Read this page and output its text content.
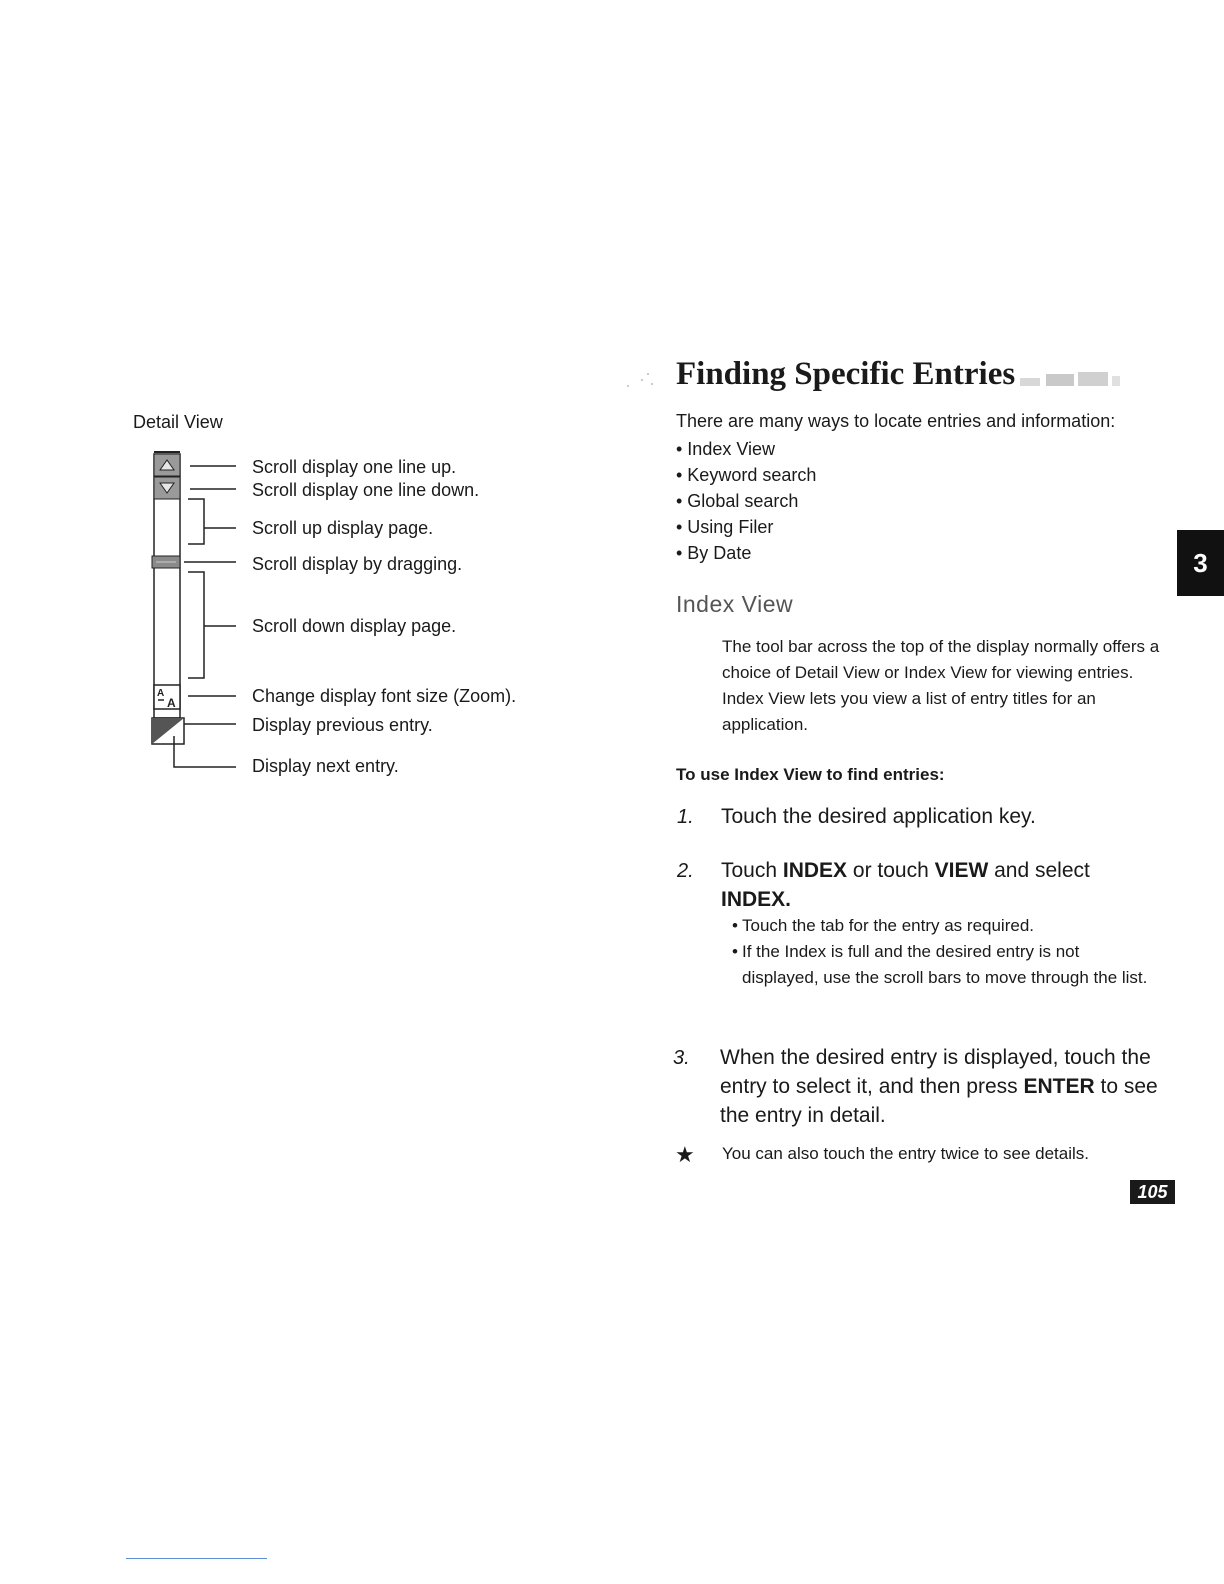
Detail View
A
A
Scroll display one line up.
Scroll display one line down.
Scroll up display page.
Scroll display by dragging.
Scroll down display page.
Change display font size (Zoom).
Display previous entry.
Display next entry.
Finding Specific Entries
There are many ways to locate entries and information:
• Index View
• Keyword search
• Global search
• Using Filer
• By Date
Index View
The tool bar across the top of the display normally offers a choice of Detail View or Index View for viewing entries. Index View lets you view a list of entry titles for an application.
To use Index View to find entries:
1. Touch the desired application key.
2. Touch INDEX or touch VIEW and select INDEX.
• Touch the tab for the entry as required.
• If the Index is full and the desired entry is not displayed, use the scroll bars to move through the list.
3. When the desired entry is displayed, touch the entry to select it, and then press ENTER to see the entry in detail.
★ You can also touch the entry twice to see details.
105
3
